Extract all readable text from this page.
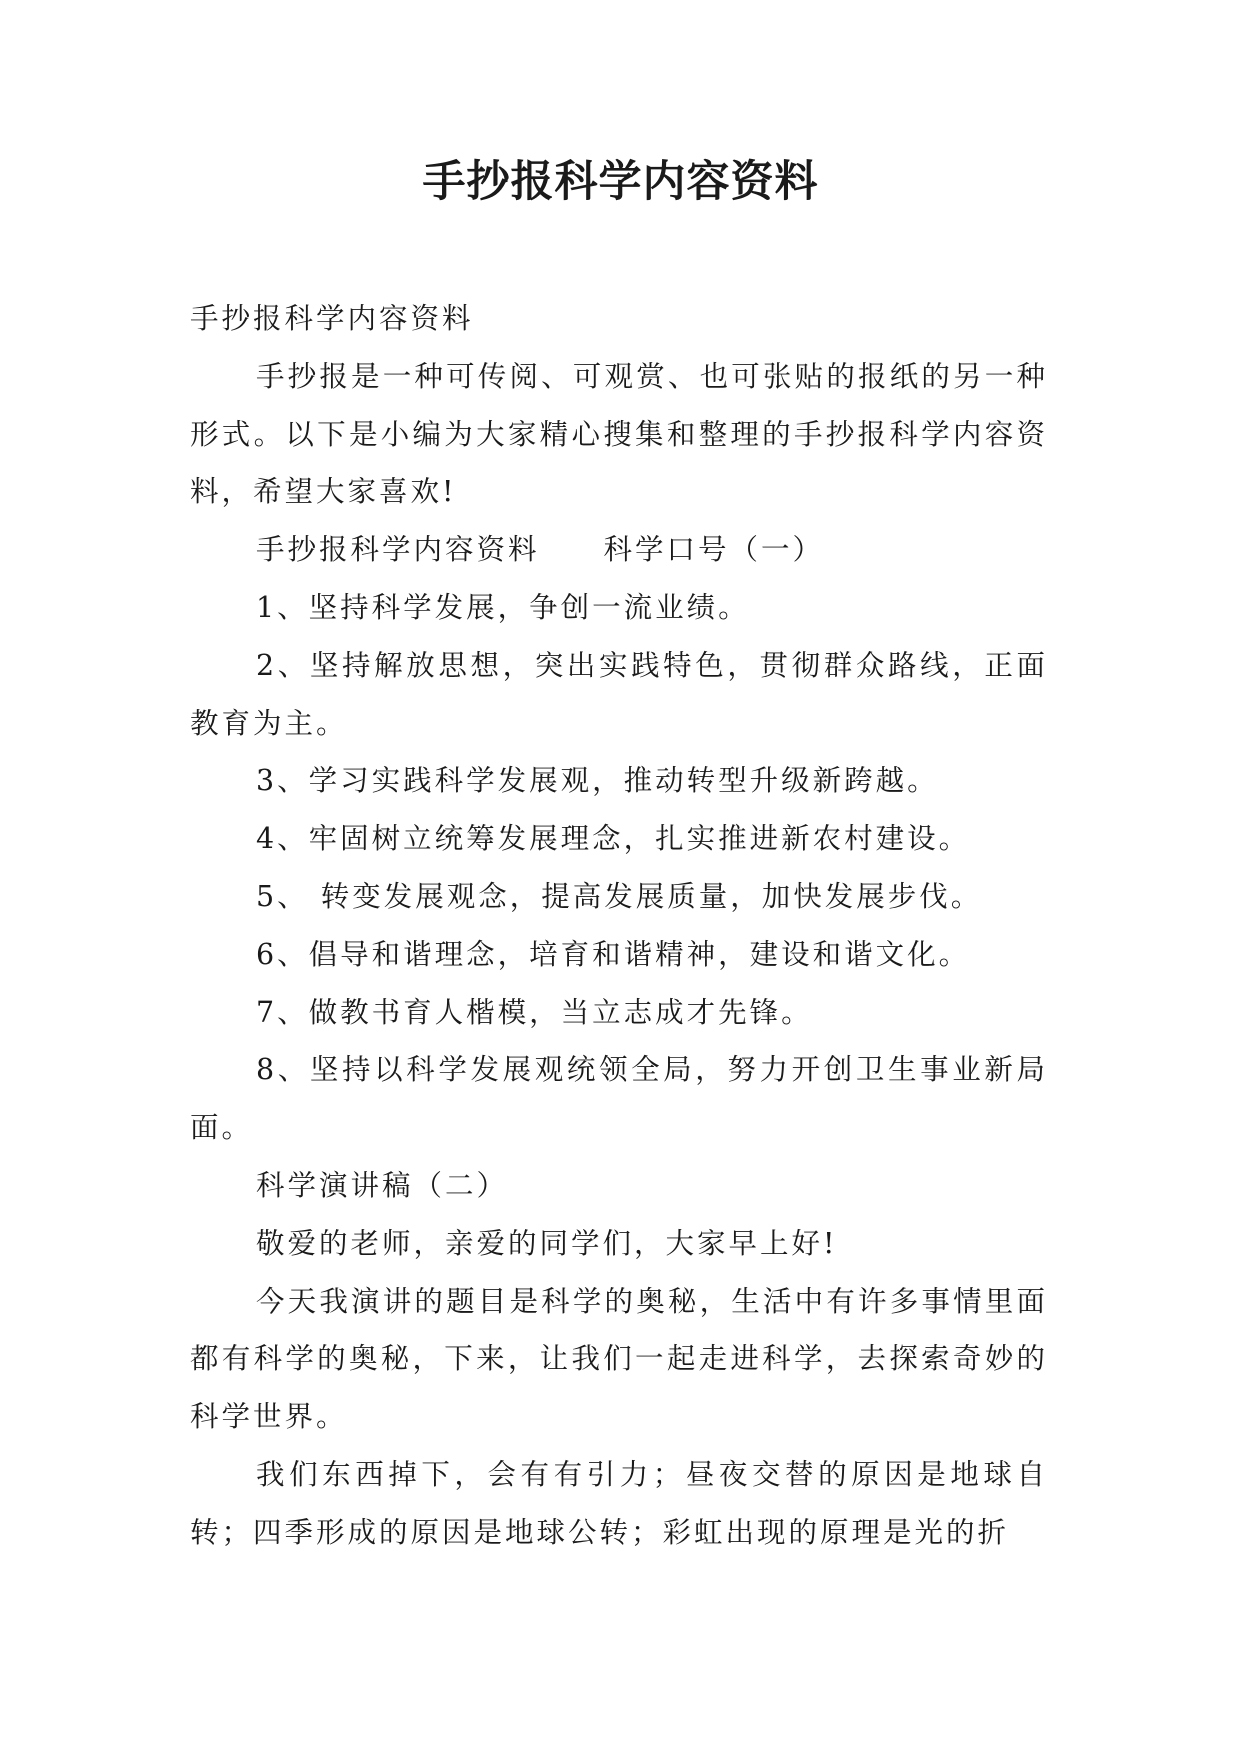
手抄报科学内容资料

手抄报科学内容资料

手抄报是一种可传阅、可观赏、也可张贴的报纸的另一种形式。以下是小编为大家精心搜集和整理的手抄报科学内容资料，希望大家喜欢!

手抄报科学内容资料 科学口号（一）

1、坚持科学发展，争创一流业绩。

2、坚持解放思想，突出实践特色，贯彻群众路线，正面教育为主。

3、学习实践科学发展观，推动转型升级新跨越。

4、牢固树立统筹发展理念，扎实推进新农村建设。

5、 转变发展观念，提高发展质量，加快发展步伐。

6、倡导和谐理念，培育和谐精神，建设和谐文化。

7、做教书育人楷模，当立志成才先锋。

8、坚持以科学发展观统领全局，努力开创卫生事业新局面。

科学演讲稿（二）

敬爱的老师，亲爱的同学们，大家早上好!

今天我演讲的题目是科学的奥秘，生活中有许多事情里面都有科学的奥秘，下来，让我们一起走进科学，去探索奇妙的科学世界。

我们东西掉下，会有有引力；昼夜交替的原因是地球自转；四季形成的原因是地球公转；彩虹出现的原理是光的折
